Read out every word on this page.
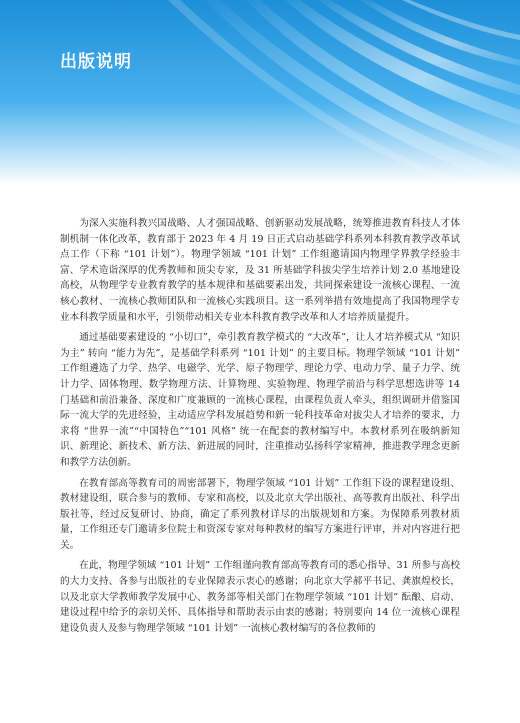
出版说明

为深入实施科教兴国战略、人才强国战略、创新驱动发展战略，统筹推进教育科技人才体制机制一体化改革，教育部于 2023 年 4 月 19 日正式启动基础学科系列本科教育教学改革试点工作（下称 “101 计划”）。物理学领域 “101 计划” 工作组邀请国内物理学界教学经验丰富、学术造诣深厚的优秀教师和顶尖专家，及 31 所基础学科拔尖学生培养计划 2.0 基地建设高校，从物理学专业教育教学的基本规律和基础要素出发，共同探索建设一流核心课程、一流核心教材、一流核心教师团队和一流核心实践项目。这一系列举措有效地提高了我国物理学专业本科教学质量和水平，引领带动相关专业本科教育教学改革和人才培养质量提升。

通过基础要素建设的 “小切口”，牵引教育教学模式的 “大改革”，让人才培养模式从 “知识为主” 转向 “能力为先”，是基础学科系列 “101 计划” 的主要目标。物理学领域 “101 计划” 工作组遴选了力学、热学、电磁学、光学、原子物理学、理论力学、电动力学、量子力学、统计力学、固体物理、数学物理方法、计算物理、实验物理、物理学前沿与科学思想选讲等 14 门基础和前沿兼备、深度和广度兼顾的一流核心课程，由课程负责人牵头，组织调研并借鉴国际一流大学的先进经验，主动适应学科发展趋势和新一轮科技革命对拔尖人才培养的要求，力求将 “世界一流”“中国特色”“101 风格” 统一在配套的教材编写中。本教材系列在吸纳新知识、新理论、新技术、新方法、新进展的同时，注重推动弘扬科学家精神，推进教学理念更新和教学方法创新。

在教育部高等教育司的周密部署下，物理学领域 “101 计划” 工作组下设的课程建设组、教材建设组，联合参与的教师、专家和高校，以及北京大学出版社、高等教育出版社、科学出版社等，经过反复研讨、协商，确定了系列教材详尽的出版规划和方案。为保障系列教材质量，工作组还专门邀请多位院士和资深专家对每种教材的编写方案进行评审，并对内容进行把关。

在此，物理学领域 “101 计划” 工作组谨向教育部高等教育司的悉心指导、31 所参与高校的大力支持、各参与出版社的专业保障表示衷心的感谢；向北京大学郝平书记、龚旗煌校长，以及北京大学教师教学发展中心、教务部等相关部门在物理学领域 “101 计划” 酝酿、启动、建设过程中给予的亲切关怀、具体指导和帮助表示由衷的感谢；特别要向 14 位一流核心课程建设负责人及参与物理学领域 “101 计划” 一流核心教材编写的各位教师的
